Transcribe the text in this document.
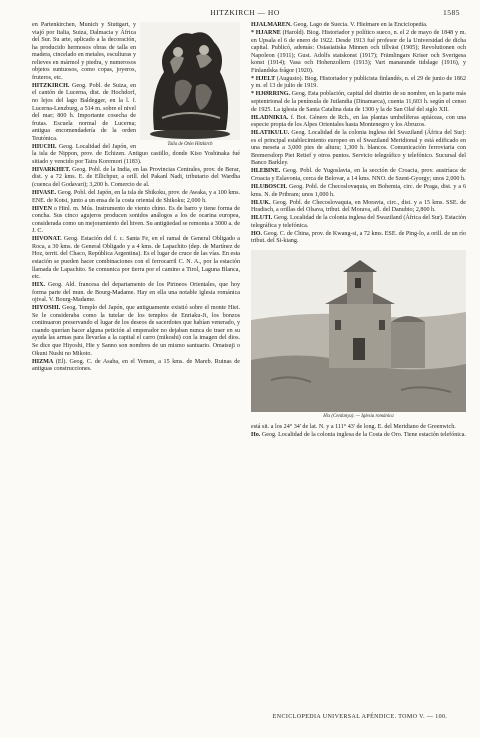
HITZKIRCH — HO	1585
Talla de Otón Hitzkirch

en Partenkirchen, Munich y Stuttgart, y viajó por Italia, Suiza, Dalmacia y África del Sur. Su arte, aplicado a la decoración, ha producido hermosos obras de talla en madera, cincelado en metales, esculturas y relieves en mármol y piedra, y numerosos objetos suntuosos, como copas, joyeros, fruteros, etc.

HITZKIRCH. Geog. Pobl. de Suiza, en el cantón de Lucerna, dist. de Hochdorf, no lejos del lago Baldegger, en la l. f. Lucerna-Lenzburg, a 514 m. sobre el nivel del mar; 800 h. Importante cosecha de frutas. Escuela normal de Lucerna; antigua encomendadería de la orden Teutónica.

HIUCHI. Geog. Localidad del Japón, en la isla de Nippon, prov. de Echizen. Antiguo castillo, donde Kiso Yoshinaka fué sitiado y vencido por Taira Koremori (1183).

HIVARKHET. Geog. Pobl. de la India, en las Provincias Centrales, prov. de Berar, dist. y a 72 kms. E. de Ellichpur, a orill. del Pakanl Nadi, tributario del Wardha (cuenca del Godavari); 3,200 h. Comercio de al.

HIVASE. Geog. Pobl. del Japón, en la isla de Shikoku, prov. de Awaka, y a 100 kms. ENE. de Kotsi, junto a un ensa de la costa oriental de Shikoku; 2,000 h.

HIVEN o Hinl. m. Mús. Instrumento de viento chino. Es de barro y tiene forma de concha. Sus cinco agujeros producen sonidos análogos a los de ocarina europea, considerada como un mejoramiento del hiven. Su antigüedad se remonta a 3000 a. de J. C.

HIVONAT. Geog. Estación del f. c. Santa Fe, en el ramal de General Obligado a Roca, a 30 kms. de General Obligado y a 4 kms. de Lapachito (dep. de Martínez de Hoz, territ. del Chaco, República Argentina). Es el lugar de cruce de las vías. En esta estación se pueden hacer combinaciones con el ferrocarril C. N. A., por la estación llamada de Lapachito. Se comunica por tierra por el camino a Tirol, Laguna Blanca, etc.

HIX. Geog. Ald. francesa del departamento de los Pirineos Orientales, que hoy forma parte del mun. de Bourg-Madame. Hay en ella una notable iglesia románica ojival. V. Bourg-Madame.

HIYOSHI. Geog. Templo del Japón, que antiguamente existió sobre el monte Hiei. Se le consideraba como la tutelar de los templos de Enriaku-Ji, los bonzos continuaron preservando el lugar de los deseos de sacerdotes que habían venerado, y cuando querían hacer alguna petición al emperador no dejaban nunca de traer en su ayuda las armas para llevarlas a la capital el carro (mikoshi) con la imagen del dios. Se dice que Hiyoshi, Hie y Sanno son nombres de un mismo santuario. Omatsuji o Okuni Nushi no Mikoto.

HIZMA (El). Geog. C. de Asaba, en el Yemen, a 15 kms. de Mareb. Ruinas de antiguas construcciones.

HJALMÄREN. Geog. Lago de Suecia. V. Hielmare en la Enciclopedia.

* HJARNE (Harold). Biog. Historiador y político sueco, n. el 2 de mayo de 1848 y m. en Upsala el 6 de enero de 1922. Desde 1913 fué profesor de la Universidad de dicha capital. Publicó, además: Ostasiatiska Minnen och tillväst (1905); Revolutionen och Napoleon (1911); Gust. Adolfs statskonst (1917); Främlingars Kriser och Sverigesa konst (1914); Vasa och Hohenzollern (1913); Vart manarande tidslage (1916), y Finlandska frågor (1920).

* HJELT (Augusto). Biog. Historiador y publicista finlandés, n. el 29 de junio de 1862 y m. el 13 de julio de 1919.

* HJØRRING. Geog. Esta población, capital del distrito de su nombre, en la parte más septentrional de la península de Jutlandia (Dinamarca), cuenta 11,603 h. según el censo de 1925. La iglesia de Santa Catalina data de 1300 y la de San Olaf del siglo XII.

HLADNIKIA. f. Bot. Género de Rch., en las plantas umbelíferas apiáceas, con una especie propia de los Alpes Orientales hasta Montenegro y los Abruzos.

HLATIKULU. Geog. Localidad de la colonia inglesa del Swaziland (África del Sur): es el principal establecimiento europeo en el Swaziland Meridional y está edificado en una meseta a 3,000 pies de altura; 1,300 h. blancos. Comunicación ferroviaria con Bremersdorp Piet Retief y otros puntos. Servicio telegráfico y telefónico. Sucursal del Banco Barkley.

HLEBINE. Geog. Pobl. de Yugoslavia, en la sección de Croacia, prov. austríaca de Croacia y Eslavonia, cerca de Belovar, a 14 kms. NNO. de Szent-Gyorgy; unos 2,000 h.

HLUBOSCH. Geog. Pobl. de Checoslovaquia, en Bohemia, circ. de Praga, dist. y a 6 kms. N. de Pribram; unos 1,000 h.

HLUK. Geog. Pobl. de Checoslovaquia, en Moravia, circ., dist. y a 15 kms. SSE. de Hradisch, a orillas del Olsava, tribut. del Morava, afl. del Danubio; 2,800 h.

HLUTI. Geog. Localidad de la colonia inglesa del Swaziland (África del Sur). Estación telegráfica y telefónica.

HO. Geog. C. de China, prov. de Kwang-si, a 72 kms. ESE. de Ping-lo, a orill. de un río tribut. del Si-kiang.

Hix (Cerdanya). — Iglesia románica

está sit. a los 24° 34' de lat. N. y a 111° 43' de long. E. del Meridiano de Greenwich.

Ho. Geog. Localidad de la colonia inglesa de la Costa de Oro. Tiene estación telefónica.

ENCICLOPEDIA UNIVERSAL APÉNDICE. TOMO V. — 100.
